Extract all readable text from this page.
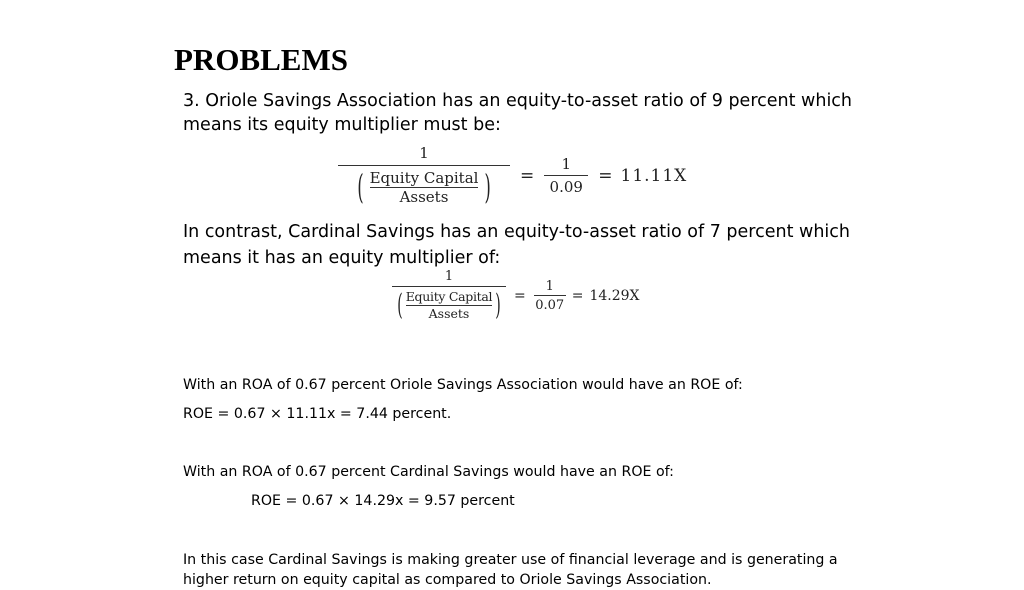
PROBLEMS
3. Oriole Savings Association has an equity-to-asset ratio of 9 percent which
means its equity multiplier must be:
1
( $\frac{\text{Equity Capital}}{\text{Assets}}$ ) = $\frac{1}{0.09} = 11.11X$
In contrast, Cardinal Savings has an equity-to-asset ratio of 7 percent which
means it has an equity multiplier of:
1
( $\frac{\text{Equity Capital}}{\text{Assets}}$ ) = $\frac{1}{0.07} = 14.29X$
With an ROA of 0.67 percent Oriole Savings Association would have an ROE of:
ROE = 0.67 × 11.11x = 7.44 percent.
With an ROA of 0.67 percent Cardinal Savings would have an ROE of:
ROE = 0.67 × 14.29x = 9.57 percent
In this case Cardinal Savings is making greater use of financial leverage and is generating a
higher return on equity capital as compared to Oriole Savings Association.
